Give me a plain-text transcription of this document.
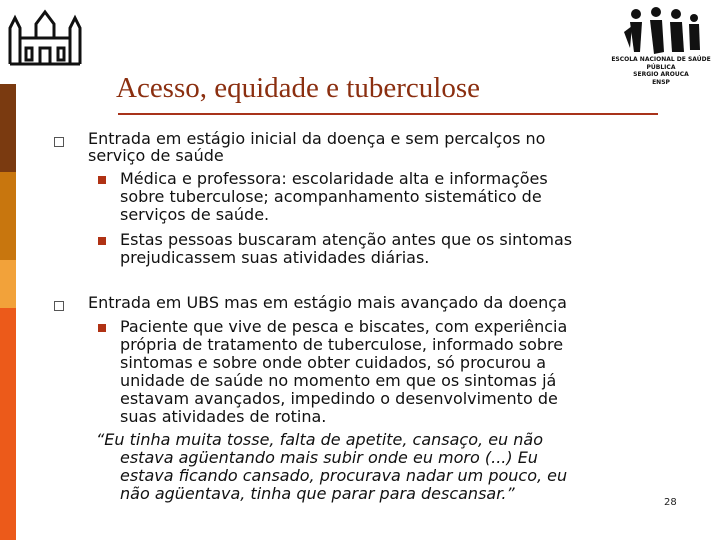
ESCOLA NACIONAL DE SAÚDE PÚBLICA
SERGIO AROUCA
ENSP
Acesso, equidade e tuberculose
Entrada em estágio inicial da doença e sem percalços no
serviço de saúde
Médica e professora: escolaridade alta e informações
sobre tuberculose; acompanhamento sistemático de
serviços de saúde.
Estas pessoas buscaram atenção antes que os sintomas
prejudicassem suas atividades diárias.
Entrada em UBS mas em estágio mais avançado da doença
Paciente que vive de pesca e biscates, com experiência
própria de tratamento de tuberculose, informado sobre
sintomas e sobre onde obter cuidados, só procurou a
unidade de saúde no momento em que os sintomas já
estavam avançados, impedindo o desenvolvimento de
suas atividades de rotina.
“Eu tinha muita tosse, falta de apetite, cansaço, eu não
estava agüentando mais subir onde eu moro (...) Eu
estava ficando cansado, procurava nadar um pouco, eu
não agüentava, tinha que parar para descansar.”	28
